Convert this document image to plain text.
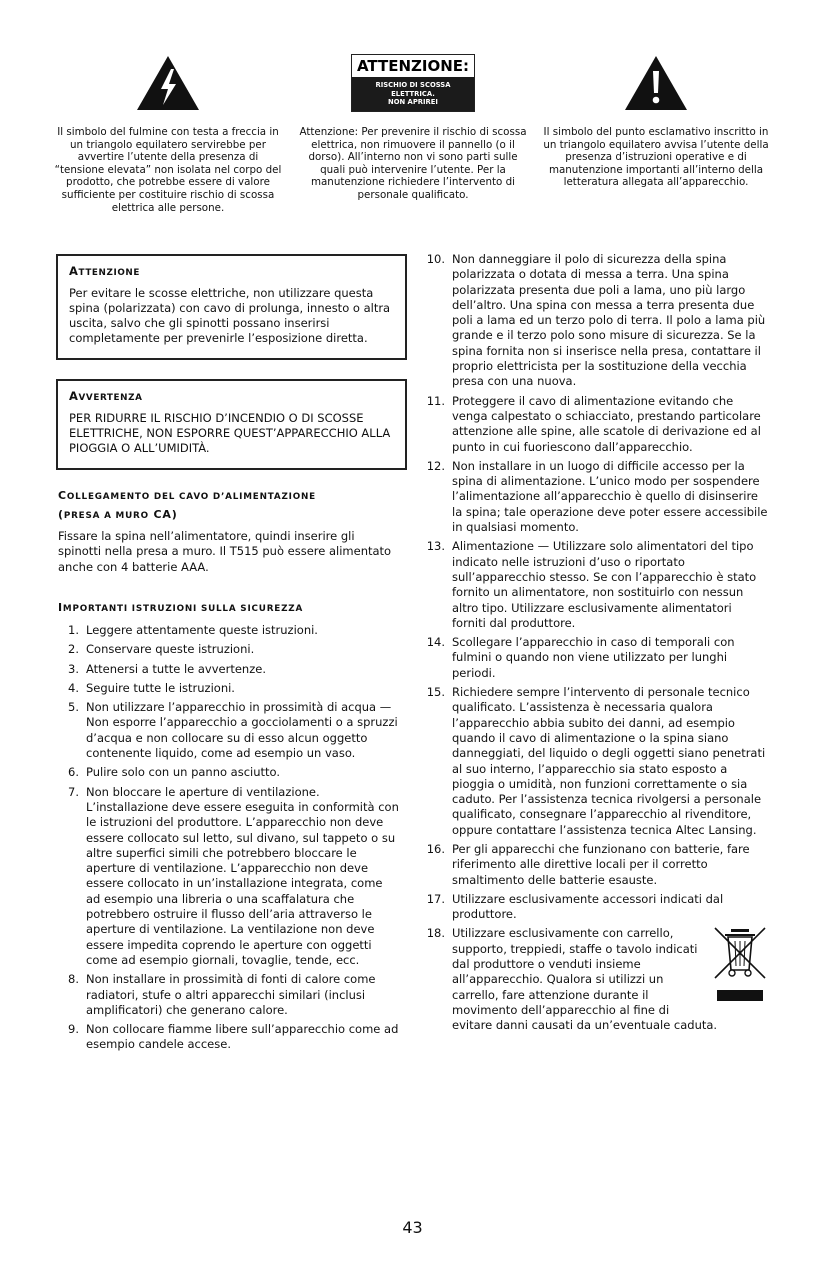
Il simbolo del fulmine con testa a freccia in un triangolo equilatero servirebbe per avvertire l’utente della presenza di “tensione elevata” non isolata nel corpo del prodotto, che potrebbe essere di valore sufficiente per costituire rischio di scossa elettrica alle persone.

ATTENZIONE:
RISCHIO DI SCOSSA ELETTRICA.
NON APRIREI

Attenzione: Per prevenire il rischio di scossa elettrica, non rimuovere il pannello (o il dorso). All’interno non vi sono parti sulle quali può intervenire l’utente. Per la manutenzione richiedere l’intervento di personale qualificato.

Il simbolo del punto esclamativo inscritto in un triangolo equilatero avvisa l’utente della presenza d’istruzioni operative e di manutenzione importanti all’interno della letteratura allegata all’apparecchio.

ATTENZIONE

Per evitare le scosse elettriche, non utilizzare questa spina (polarizzata) con cavo di prolunga, innesto o altra uscita, salvo che gli spinotti possano inserirsi completamente per prevenirle l’esposizione diretta.

AVVERTENZA

PER RIDURRE IL RISCHIO D’INCENDIO O DI SCOSSE ELETTRICHE, NON ESPORRE QUEST’APPARECCHIO ALLA PIOGGIA O ALL’UMIDITÀ.

COLLEGAMENTO DEL CAVO D’ALIMENTAZIONE
(PRESA A MURO CA)

Fissare la spina nell’alimentatore, quindi inserire gli spinotti nella presa a muro. Il T515 può essere alimentato anche con 4 batterie AAA.

IMPORTANTI ISTRUZIONI SULLA SICUREZZA
1. Leggere attentamente queste istruzioni.
2. Conservare queste istruzioni.
3. Attenersi a tutte le avvertenze.
4. Seguire tutte le istruzioni.
5. Non utilizzare l’apparecchio in prossimità di acqua — Non esporre l’apparecchio a gocciolamenti o a spruzzi d’acqua e non collocare su di esso alcun oggetto contenente liquido, come ad esempio un vaso.
6. Pulire solo con un panno asciutto.
7. Non bloccare le aperture di ventilazione. L’installazione deve essere eseguita in conformità con le istruzioni del produttore. L’apparecchio non deve essere collocato sul letto, sul divano, sul tappeto o su altre superfici simili che potrebbero bloccare le aperture di ventilazione. L’apparecchio non deve essere collocato in un’installazione integrata, come ad esempio una libreria o una scaffalatura che potrebbero ostruire il flusso dell’aria attraverso le aperture di ventilazione. La ventilazione non deve essere impedita coprendo le aperture con oggetti come ad esempio giornali, tovaglie, tende, ecc.
8. Non installare in prossimità di fonti di calore come radiatori, stufe o altri apparecchi similari (inclusi amplificatori) che generano calore.
9. Non collocare fiamme libere sull’apparecchio come ad esempio candele accese.
10. Non danneggiare il polo di sicurezza della spina polarizzata o dotata di messa a terra. Una spina polarizzata presenta due poli a lama, uno più largo dell’altro. Una spina con messa a terra presenta due poli a lama ed un terzo polo di terra. Il polo a lama più grande e il terzo polo sono misure di sicurezza. Se la spina fornita non si inserisce nella presa, contattare il proprio elettricista per la sostituzione della vecchia presa con una nuova.
11. Proteggere il cavo di alimentazione evitando che venga calpestato o schiacciato, prestando particolare attenzione alle spine, alle scatole di derivazione ed al punto in cui fuoriescono dall’apparecchio.
12. Non installare in un luogo di difficile accesso per la spina di alimentazione. L’unico modo per sospendere l’alimentazione all’apparecchio è quello di disinserire la spina; tale operazione deve poter essere accessibile in qualsiasi momento.
13. Alimentazione — Utilizzare solo alimentatori del tipo indicato nelle istruzioni d’uso o riportato sull’apparecchio stesso. Se con l’apparecchio è stato fornito un alimentatore, non sostituirlo con nessun altro tipo. Utilizzare esclusivamente alimentatori forniti dal produttore.
14. Scollegare l’apparecchio in caso di temporali con fulmini o quando non viene utilizzato per lunghi periodi.
15. Richiedere sempre l’intervento di personale tecnico qualificato. L’assistenza è necessaria qualora l’apparecchio abbia subito dei danni, ad esempio quando il cavo di alimentazione o la spina siano danneggiati, del liquido o degli oggetti siano penetrati al suo interno, l’apparecchio sia stato esposto a pioggia o umidità, non funzioni correttamente o sia caduto. Per l’assistenza tecnica rivolgersi a personale qualificato, consegnare l’apparecchio al rivenditore, oppure contattare l’assistenza tecnica Altec Lansing.
16. Per gli apparecchi che funzionano con batterie, fare riferimento alle direttive locali per il corretto smaltimento delle batterie esauste.
17. Utilizzare esclusivamente accessori indicati dal produttore.
18. Utilizzare esclusivamente con carrello, supporto, treppiedi, staffe o tavolo indicati dal produttore o venduti insieme all’apparecchio. Qualora si utilizzi un carrello, fare attenzione durante il movimento dell’apparecchio al fine di evitare danni causati da un’eventuale caduta.
43
